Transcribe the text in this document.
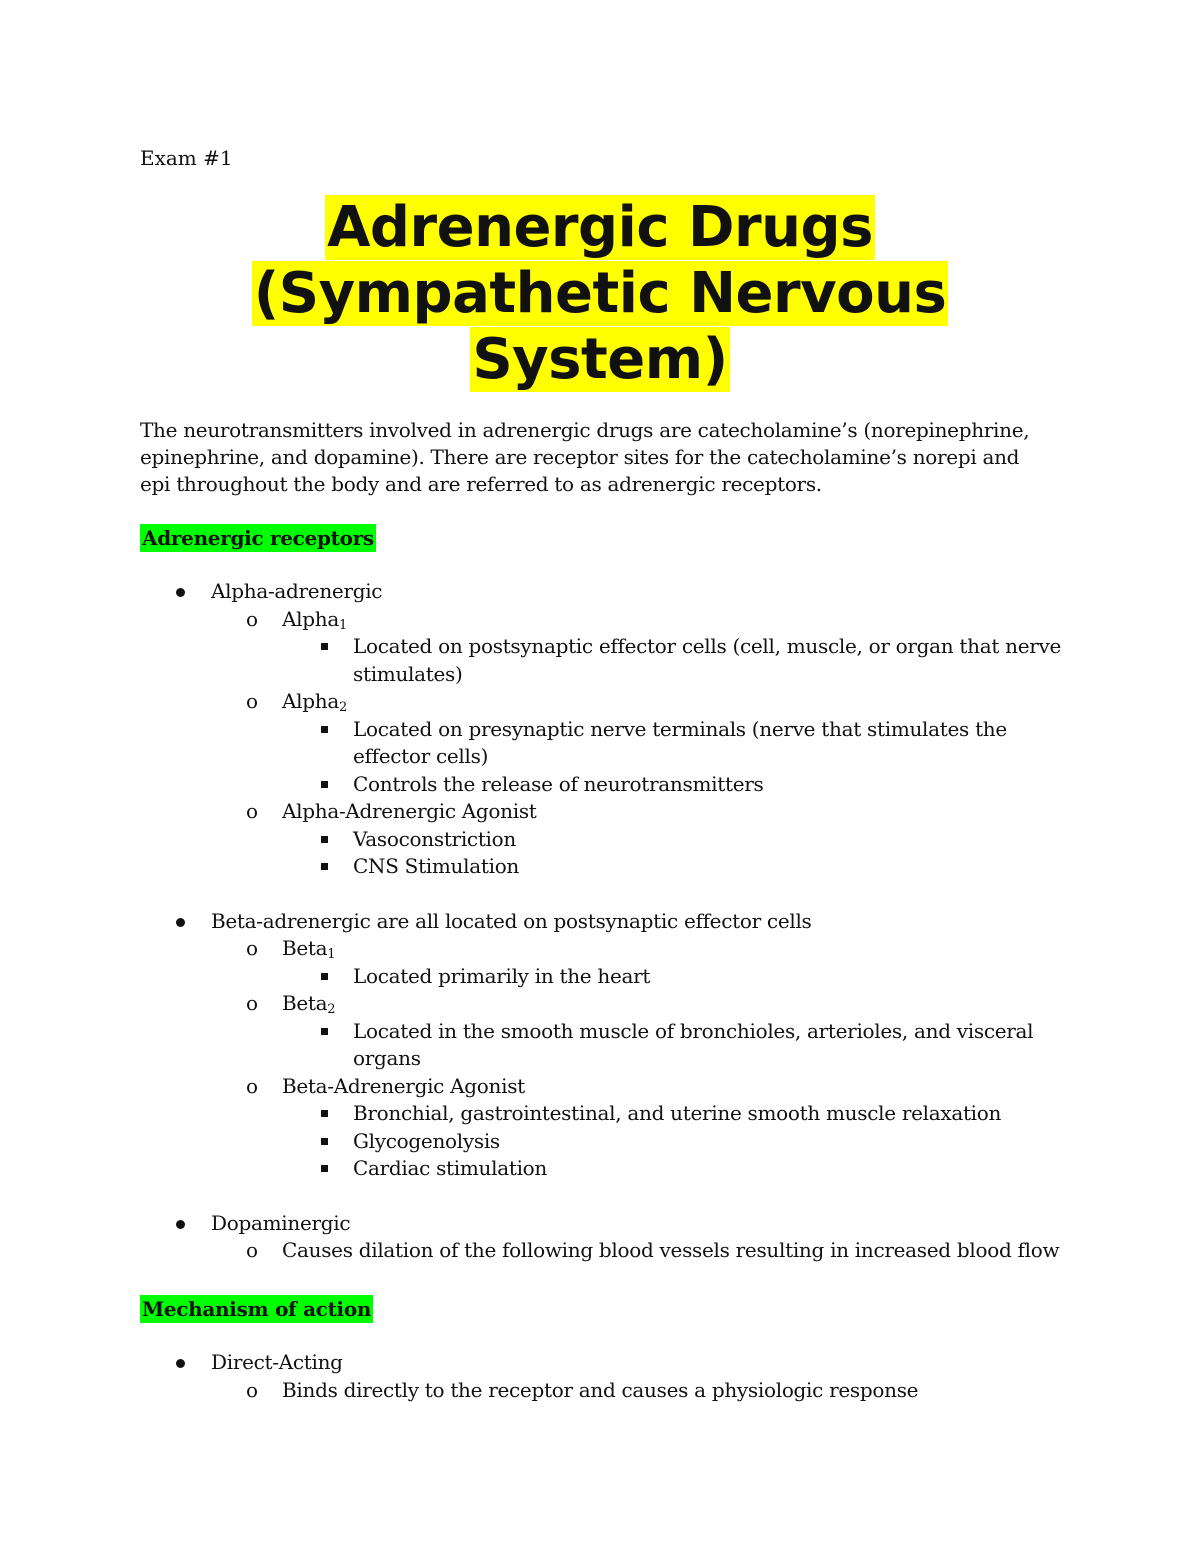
Exam #1
Adrenergic Drugs
(Sympathetic Nervous
System)
The neurotransmitters involved in adrenergic drugs are catecholamine’s (norepinephrine, epinephrine, and dopamine). There are receptor sites for the catecholamine’s norepi and epi throughout the body and are referred to as adrenergic receptors.
Adrenergic receptors
Alpha-adrenergic
o Alpha$_1$
Located on postsynaptic effector cells (cell, muscle, or organ that nerve stimulates)
o Alpha$_2$
Located on presynaptic nerve terminals (nerve that stimulates the effector cells)
Controls the release of neurotransmitters
o Alpha-Adrenergic Agonist
Vasoconstriction
CNS Stimulation
Beta-adrenergic are all located on postsynaptic effector cells
o Beta$_1$
Located primarily in the heart
o Beta$_2$
Located in the smooth muscle of bronchioles, arterioles, and visceral organs
o Beta-Adrenergic Agonist
Bronchial, gastrointestinal, and uterine smooth muscle relaxation
Glycogenolysis
Cardiac stimulation
Dopaminergic
o Causes dilation of the following blood vessels resulting in increased blood flow
Mechanism of action
Direct-Acting
o Binds directly to the receptor and causes a physiologic response
